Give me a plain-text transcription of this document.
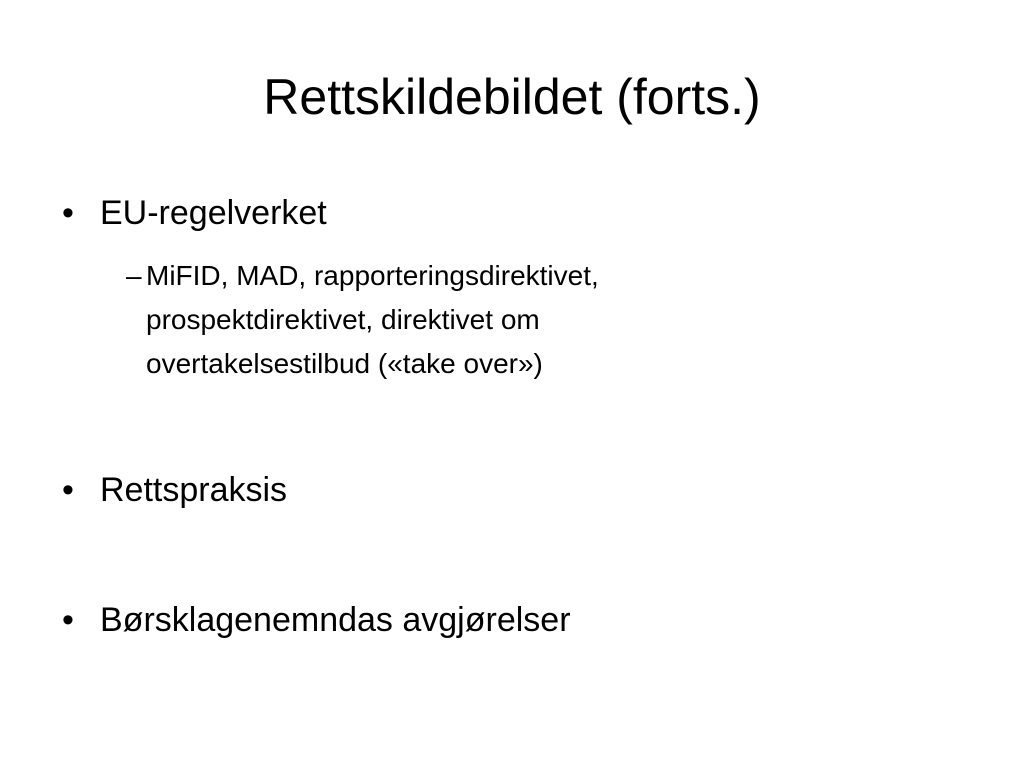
Rettskildebildet (forts.)
• EU-regelverket
– MiFID, MAD, rapporteringsdirektivet,
prospektdirektivet, direktivet om
overtakelsestilbud («take over»)
• Rettspraksis
• Børsklagenemndas avgjørelser
